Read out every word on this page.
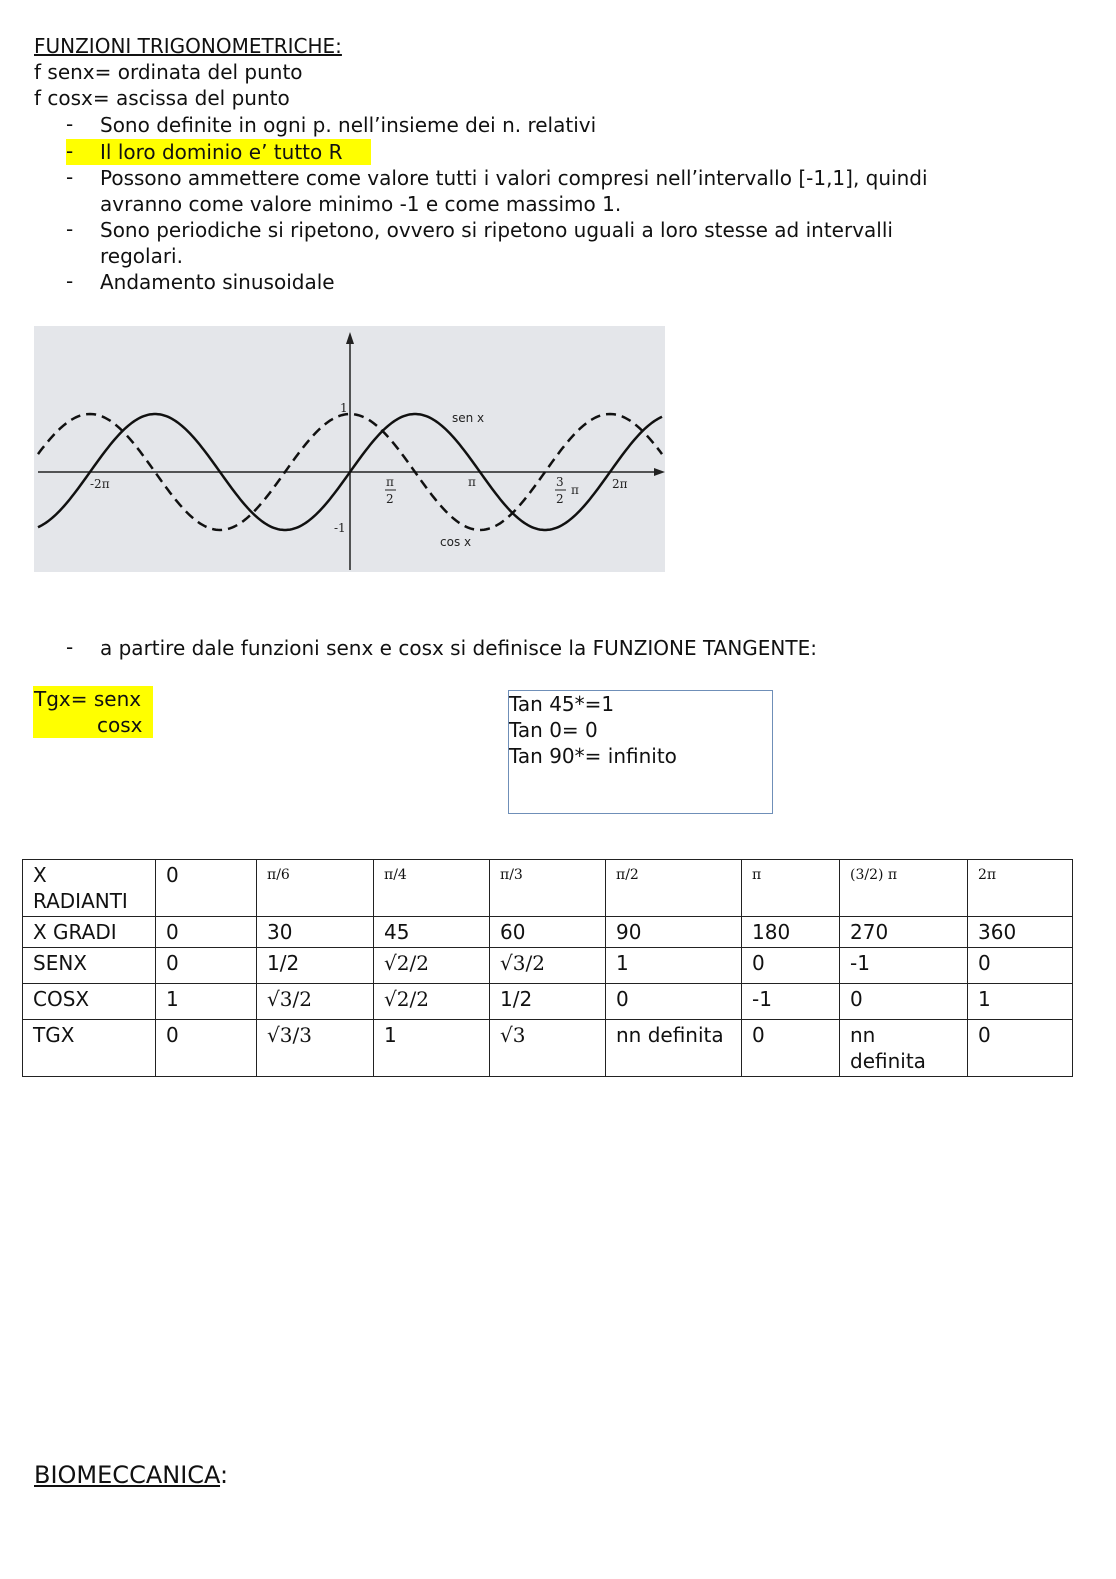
FUNZIONI TRIGONOMETRICHE:
f senx= ordinata del punto
f cosx= ascissa del punto
- Sono definite in ogni p. nell’insieme dei n. relativi
- Il loro dominio e’ tutto R
- Possono ammettere come valore tutti i valori compresi nell’intervallo [-1,1], quindi
avranno come valore minimo -1 e come massimo 1.
- Sono periodiche si ripetono, ovvero si ripetono uguali a loro stesse ad intervalli
regolari.
- Andamento sinusoidale
1
-1
-2π	π
2
π	3
2
π	2π
sen x
cos x
- a partire dale funzioni senx e cosx si definisce la FUNZIONE TANGENTE:
Tgx= senx
cosx
Tan 45*=1
Tan 0= 0
Tan 90*= infinito
X RADIANTI	0	π/6	π/4	π/3	π/2	π	(3/2) π	2π
X GRADI	0	30	45	60	90	180	270	360
SENX	0	1/2	√2/2	√3/2	1	0	-1	0
COSX	1	√3/2	√2/2	1/2	0	-1	0	1
TGX	0	√3/3	1	√3	nn definita	0	nn definita	0
BIOMECCANICA:
